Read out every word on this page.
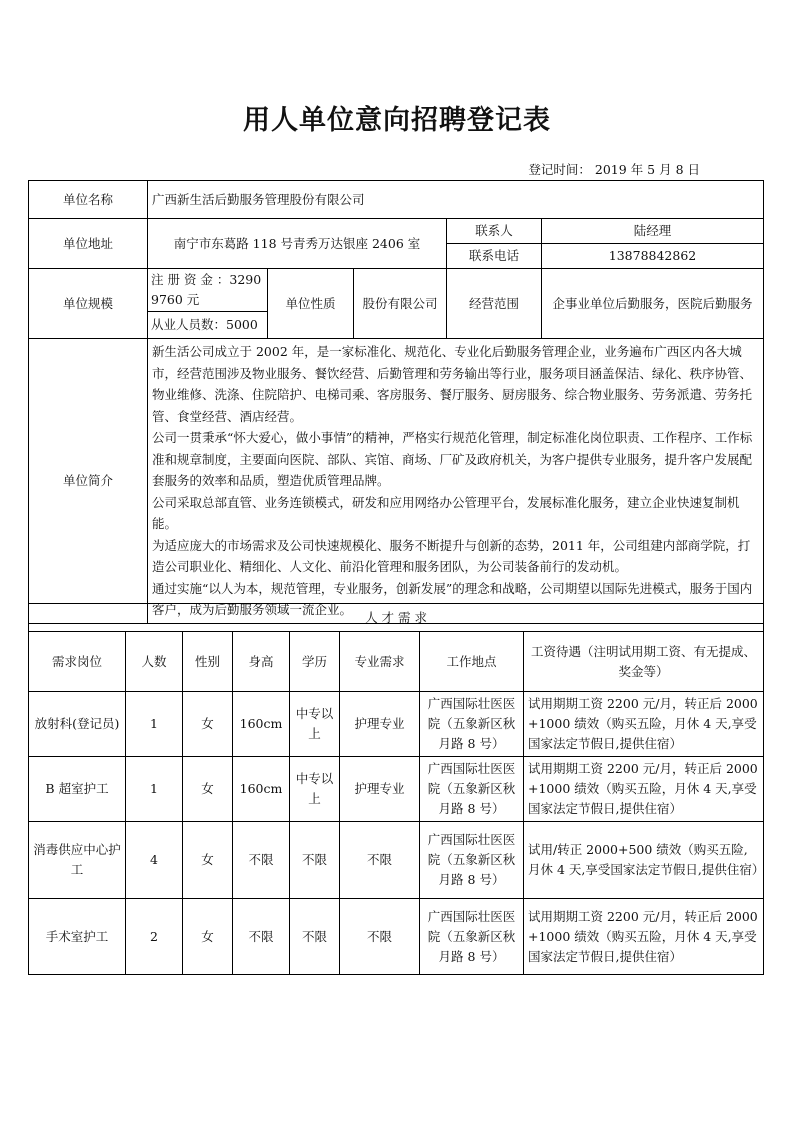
用人单位意向招聘登记表
登记时间： 2019 年 5 月 8 日
单位名称	广西新生活后勤服务管理股份有限公司				
单位地址	南宁市东葛路 118 号青秀万达银座 2406 室			联系人	陆经理
				联系电话	13878842862
单位规模	注 册 资 金 ：32909760 元	单位性质	股份有限公司	经营范围	企事业单位后勤服务，医院后勤服务
	从业人员数：5000				
单位简介	新生活公司成立于 2002 年，是一家标准化、规范化、专业化后勤服务管理企业，业务遍布广西区内各大城市，经营范围涉及物业服务、餐饮经营、后勤管理和劳务输出等行业，服务项目涵盖保洁、绿化、秩序协管、物业维修、洗涤、住院陪护、电梯司乘、客房服务、餐厅服务、厨房服务、综合物业服务、劳务派遣、劳务托管、食堂经营、酒店经营。

公司一贯秉承“怀大爱心，做小事情”的精神，严格实行规范化管理，制定标准化岗位职责、工作程序、工作标准和规章制度，主要面向医院、部队、宾馆、商场、厂矿及政府机关，为客户提供专业服务，提升客户发展配套服务的效率和品质，塑造优质管理品牌。

公司采取总部直管、业务连锁模式，研发和应用网络办公管理平台，发展标准化服务，建立企业快速复制机能。

为适应庞大的市场需求及公司快速规模化、服务不断提升与创新的态势，2011 年，公司组建内部商学院，打造公司职业化、精细化、人文化、前沿化管理和服务团队，为公司装备前行的发动机。

通过实施“以人为本，规范管理，专业服务，创新发展”的理念和战略，公司期望以国际先进模式，服务于国内客户，成为后勤服务领域一流企业。					人 才 需 求							
需求岗位	人数	性别	身高	学历	专业需求	工作地点	工资待遇（注明试用期工资、有无提成、奖金等）
放射科(登记员)	1	女	160cm	中专以上	护理专业	广西国际壮医医院（五象新区秋月路 8 号）	试用期期工资 2200 元/月，转正后 2000+1000 绩效（购买五险，月休 4 天,享受国家法定节假日,提供住宿）
B 超室护工	1	女	160cm	中专以上	护理专业	广西国际壮医医院（五象新区秋月路 8 号）	试用期期工资 2200 元/月，转正后 2000+1000 绩效（购买五险，月休 4 天,享受国家法定节假日,提供住宿）
消毒供应中心护工	4	女	不限	不限	不限	广西国际壮医医院（五象新区秋月路 8 号）	试用/转正 2000+500 绩效（购买五险,月休 4 天,享受国家法定节假日,提供住宿）
手术室护工	2	女	不限	不限	不限	广西国际壮医医院（五象新区秋月路 8 号）	试用期期工资 2200 元/月，转正后 2000+1000 绩效（购买五险，月休 4 天,享受国家法定节假日,提供住宿）
